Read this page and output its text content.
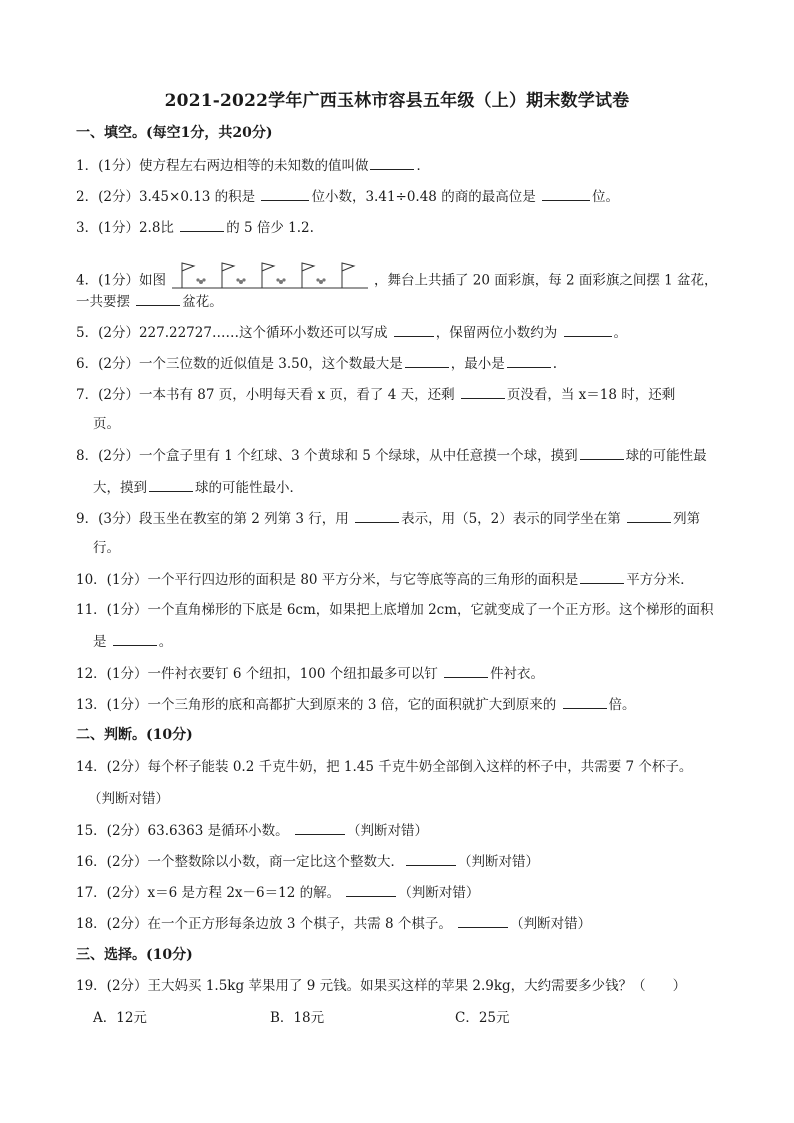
2021-2022学年广西玉林市容县五年级（上）期末数学试卷
一、填空。(每空1分，共20分)
1．(1分）使方程左右两边相等的未知数的值叫做	．
2．(2分）3.45×0.13 的积是	位小数，3.41÷0.48 的商的最高位是	位。
3．(1分）2.8比	的 5 倍少 1.2.
4．(1分）如图	，舞台上共插了 20 面彩旗，每 2 面彩旗之间摆 1 盆花，
一共要摆	盆花。
5．(2分）227.22727……这个循环小数还可以写成	，保留两位小数约为	。
6．(2分）一个三位数的近似值是 3.50，这个数最大是	，最小是	.
7．(2分）一本书有 87 页，小明每天看 x 页，看了 4 天，还剩	页没看，当 x＝18 时，还剩
页。
8．(2分）一个盒子里有 1 个红球、3 个黄球和 5 个绿球，从中任意摸一个球，摸到	球的可能性最
大，摸到	球的可能性最小．
9．(3分）段玉坐在教室的第 2 列第 3 行，用	表示，用（5，2）表示的同学坐在第	列第
行。
10．(1分）一个平行四边形的面积是 80 平方分米，与它等底等高的三角形的面积是	平方分米．
11．(1分）一个直角梯形的下底是 6cm，如果把上底增加 2cm，它就变成了一个正方形。这个梯形的面积
是	。
12．(1分）一件衬衣要钉 6 个纽扣，100 个纽扣最多可以钉	件衬衣。
13．(1分）一个三角形的底和高都扩大到原来的 3 倍，它的面积就扩大到原来的	倍。
二、判断。(10分)
14．(2分）每个杯子能装 0.2 千克牛奶，把 1.45 千克牛奶全部倒入这样的杯子中，共需要 7 个杯子。
（判断对错）
15．(2分）63.6363 是循环小数。	（判断对错）
16．(2分）一个整数除以小数，商一定比这个整数大．	（判断对错）
17．(2分）x＝6 是方程 2x－6＝12 的解。	（判断对错）
18．(2分）在一个正方形每条边放 3 个棋子，共需 8 个棋子。	（判断对错）
三、选择。(10分)
19．(2分）王大妈买 1.5kg 苹果用了 9 元钱。如果买这样的苹果 2.9kg，大约需要多少钱？（　　）
A．12元	B．18元	C．25元
